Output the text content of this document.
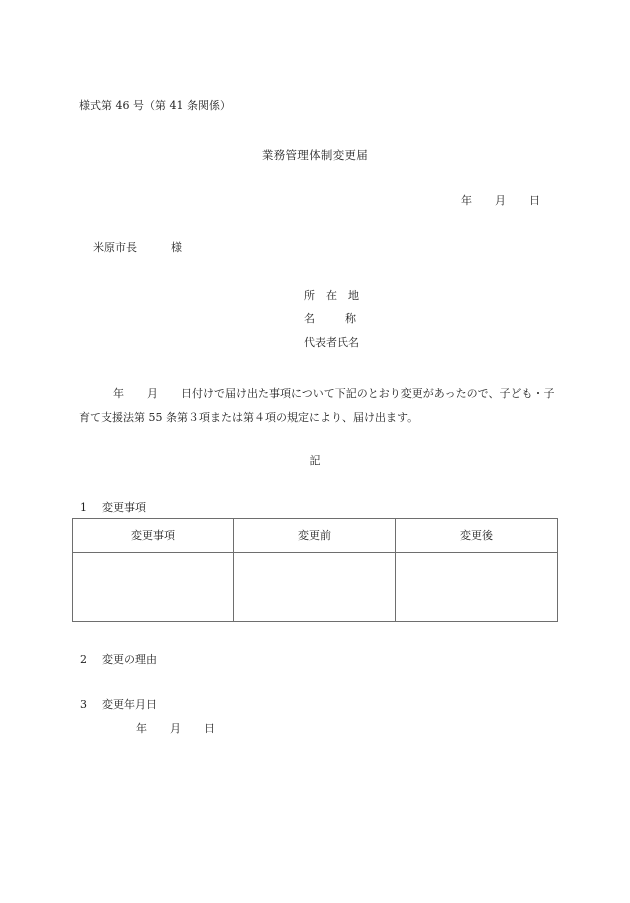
様式第 46 号（第 41 条関係）
業務管理体制変更届
年 月 日
米原市長	様
所在地
名称
代表者氏名
年 月 日付けで届け出た事項について下記のとおり変更があったので、子ども・子育て支援法第 55 条第３項または第４項の規定により、届け出ます。
記
1 変更事項
変更事項	変更前	変更後

2 変更の理由
3 変更年月日
年 月 日
